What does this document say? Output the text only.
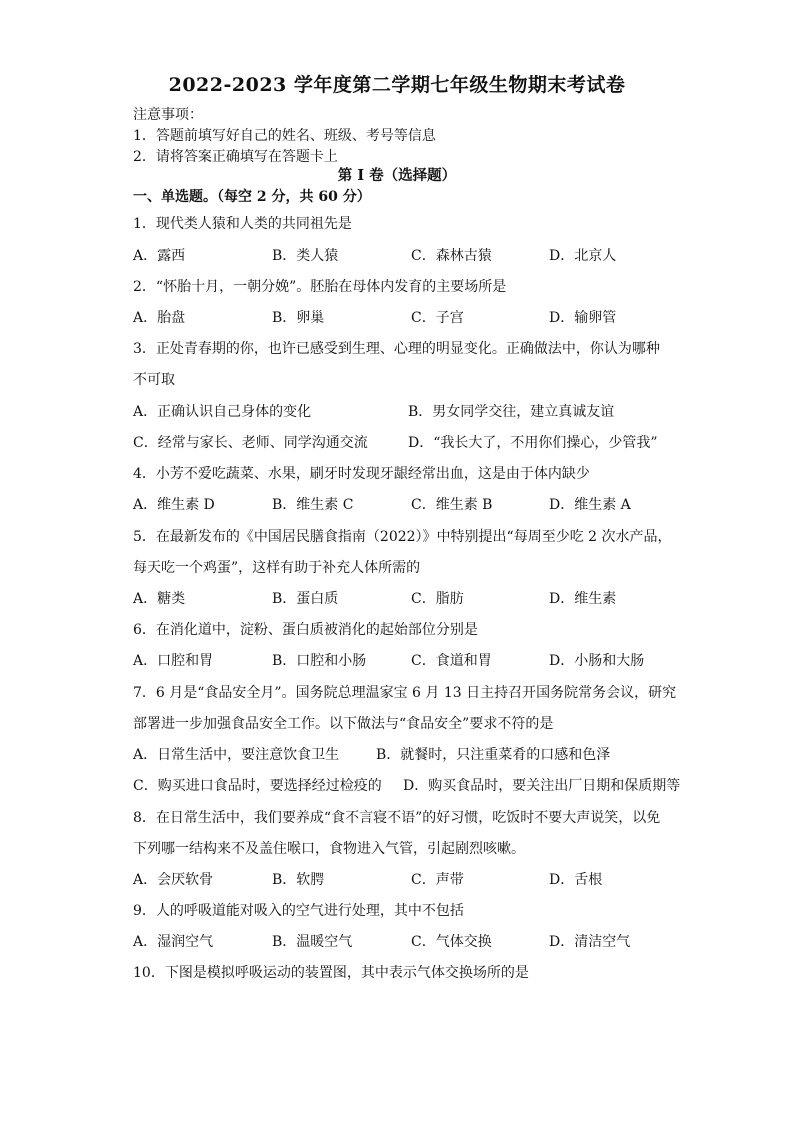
2022-2023 学年度第二学期七年级生物期末考试卷
注意事项：
1．答题前填写好自己的姓名、班级、考号等信息
2．请将答案正确填写在答题卡上
第 I 卷（选择题）
一、单选题。（每空 2 分，共 60 分）
1．现代类人猿和人类的共同祖先是
A．露西	B．类人猿	C．森林古猿	D．北京人
2．“怀胎十月，一朝分娩”。胚胎在母体内发育的主要场所是
A．胎盘	B．卵巢	C．子宫	D．输卵管
3．正处青春期的你，也许已感受到生理、心理的明显变化。正确做法中，你认为哪种
不可取
A．正确认识自己身体的变化	B．男女同学交往，建立真诚友谊
C．经常与家长、老师、同学沟通交流	D．“我长大了，不用你们操心，少管我”
4．小芳不爱吃蔬菜、水果，刷牙时发现牙龈经常出血，这是由于体内缺少
A．维生素 D	B．维生素 C	C．维生素 B	D．维生素 A
5．在最新发布的《中国居民膳食指南（2022）》中特别提出“每周至少吃 2 次水产品，
每天吃一个鸡蛋”，这样有助于补充人体所需的
A．糖类	B．蛋白质	C．脂肪	D．维生素
6．在消化道中，淀粉、蛋白质被消化的起始部位分别是
A．口腔和胃	B．口腔和小肠	C．食道和胃	D．小肠和大肠
7．6 月是“食品安全月”。国务院总理温家宝 6 月 13 日主持召开国务院常务会议，研究
部署进一步加强食品安全工作。以下做法与“食品安全”要求不符的是
A．日常生活中，要注意饮食卫生	B．就餐时，只注重菜肴的口感和色泽
C．购买进口食品时，要选择经过检疫的 D．购买食品时，要关注出厂日期和保质期等
8．在日常生活中，我们要养成“食不言寝不语”的好习惯，吃饭时不要大声说笑，以免
下列哪一结构来不及盖住喉口，食物进入气管，引起剧烈咳嗽。
A．会厌软骨	B．软腭	C．声带	D．舌根
9．人的呼吸道能对吸入的空气进行处理，其中不包括
A．湿润空气	B．温暖空气	C．气体交换	D．清洁空气
10．下图是模拟呼吸运动的装置图，其中表示气体交换场所的是
